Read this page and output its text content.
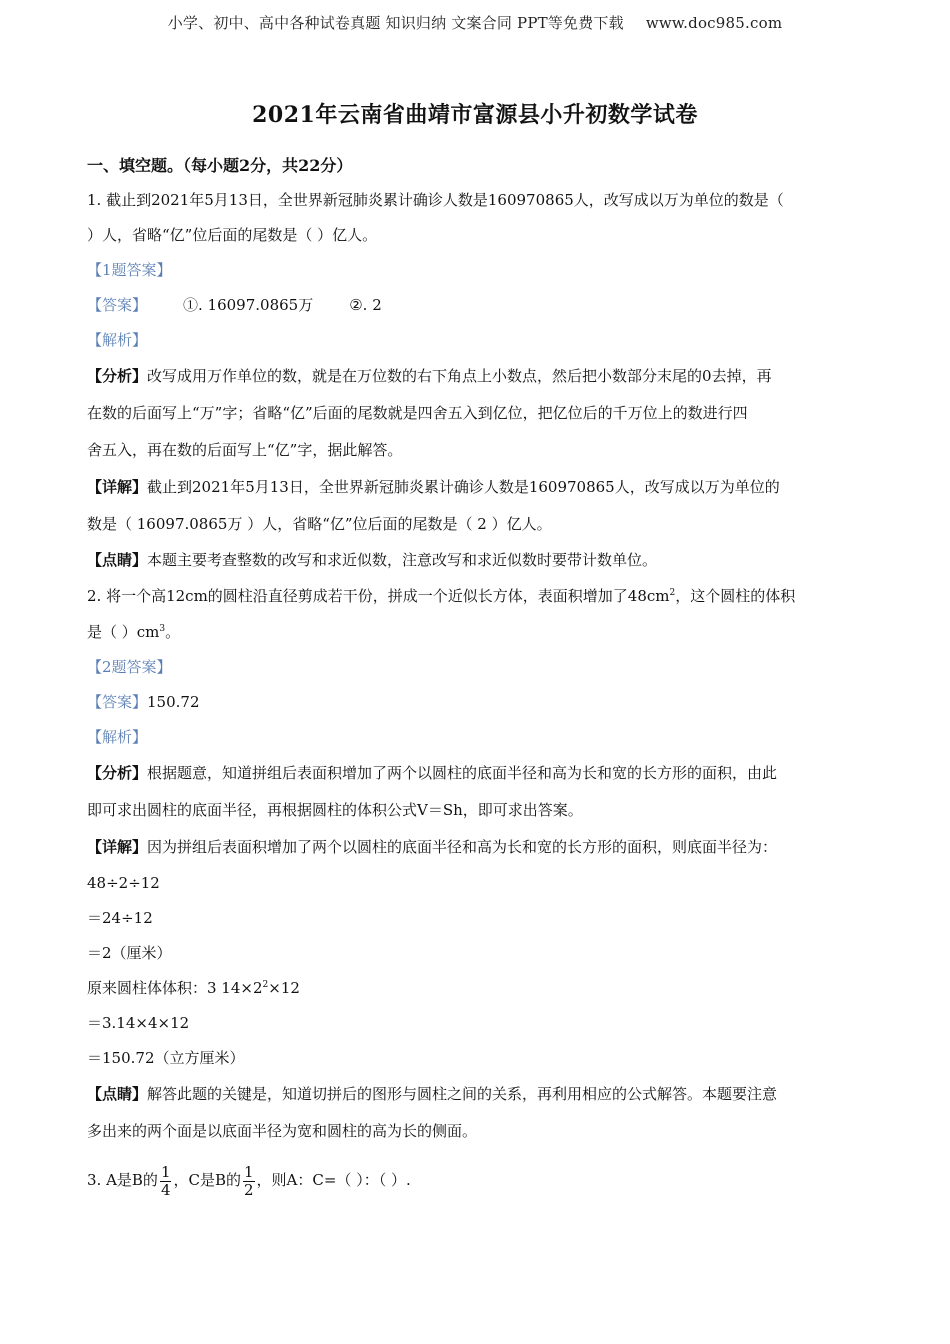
小学、初中、高中各种试卷真题 知识归纳 文案合同 PPT等免费下载 www.doc985.com
2021年云南省曲靖市富源县小升初数学试卷
一、填空题。（每小题2分，共22分）
1. 截止到2021年5月13日，全世界新冠肺炎累计确诊人数是160970865人，改写成以万为单位的数是（
）人，省略“亿”位后面的尾数是（ ）亿人。
【1题答案】
【答案】 ①. 16097.0865万 ②. 2
【解析】
【分析】改写成用万作单位的数，就是在万位数的右下角点上小数点，然后把小数部分末尾的0去掉，再
在数的后面写上“万”字；省略“亿”后面的尾数就是四舍五入到亿位，把亿位后的千万位上的数进行四
舍五入，再在数的后面写上“亿”字，据此解答。
【详解】截止到2021年5月13日，全世界新冠肺炎累计确诊人数是160970865人，改写成以万为单位的
数是（ 16097.0865万 ）人，省略“亿”位后面的尾数是（ 2 ）亿人。
【点睛】本题主要考查整数的改写和求近似数，注意改写和求近似数时要带计数单位。
2. 将一个高12cm的圆柱沿直径剪成若干份，拼成一个近似长方体，表面积增加了$48cm^2$，这个圆柱的体积
是（ ）$cm^3$。
【2题答案】
【答案】150.72
【解析】
【分析】根据题意，知道拼组后表面积增加了两个以圆柱的底面半径和高为长和宽的长方形的面积，由此
即可求出圆柱的底面半径，再根据圆柱的体积公式V＝Sh，即可求出答案。
【详解】因为拼组后表面积增加了两个以圆柱的底面半径和高为长和宽的长方形的面积，则底面半径为：
48÷2÷12
＝24÷12
＝2（厘米）
原来圆柱体体积：3 $14\times 2^2\times 12$
＝3.14×4×12
＝150.72（立方厘米）
【点睛】解答此题的关键是，知道切拼后的图形与圆柱之间的关系，再利用相应的公式解答。本题要注意
多出来的两个面是以底面半径为宽和圆柱的高为长的侧面。
3. A是B的 $\frac{1}{4}$ ，C是B的 $\frac{1}{2}$ ，则A：C=（ ）：（ ）.
